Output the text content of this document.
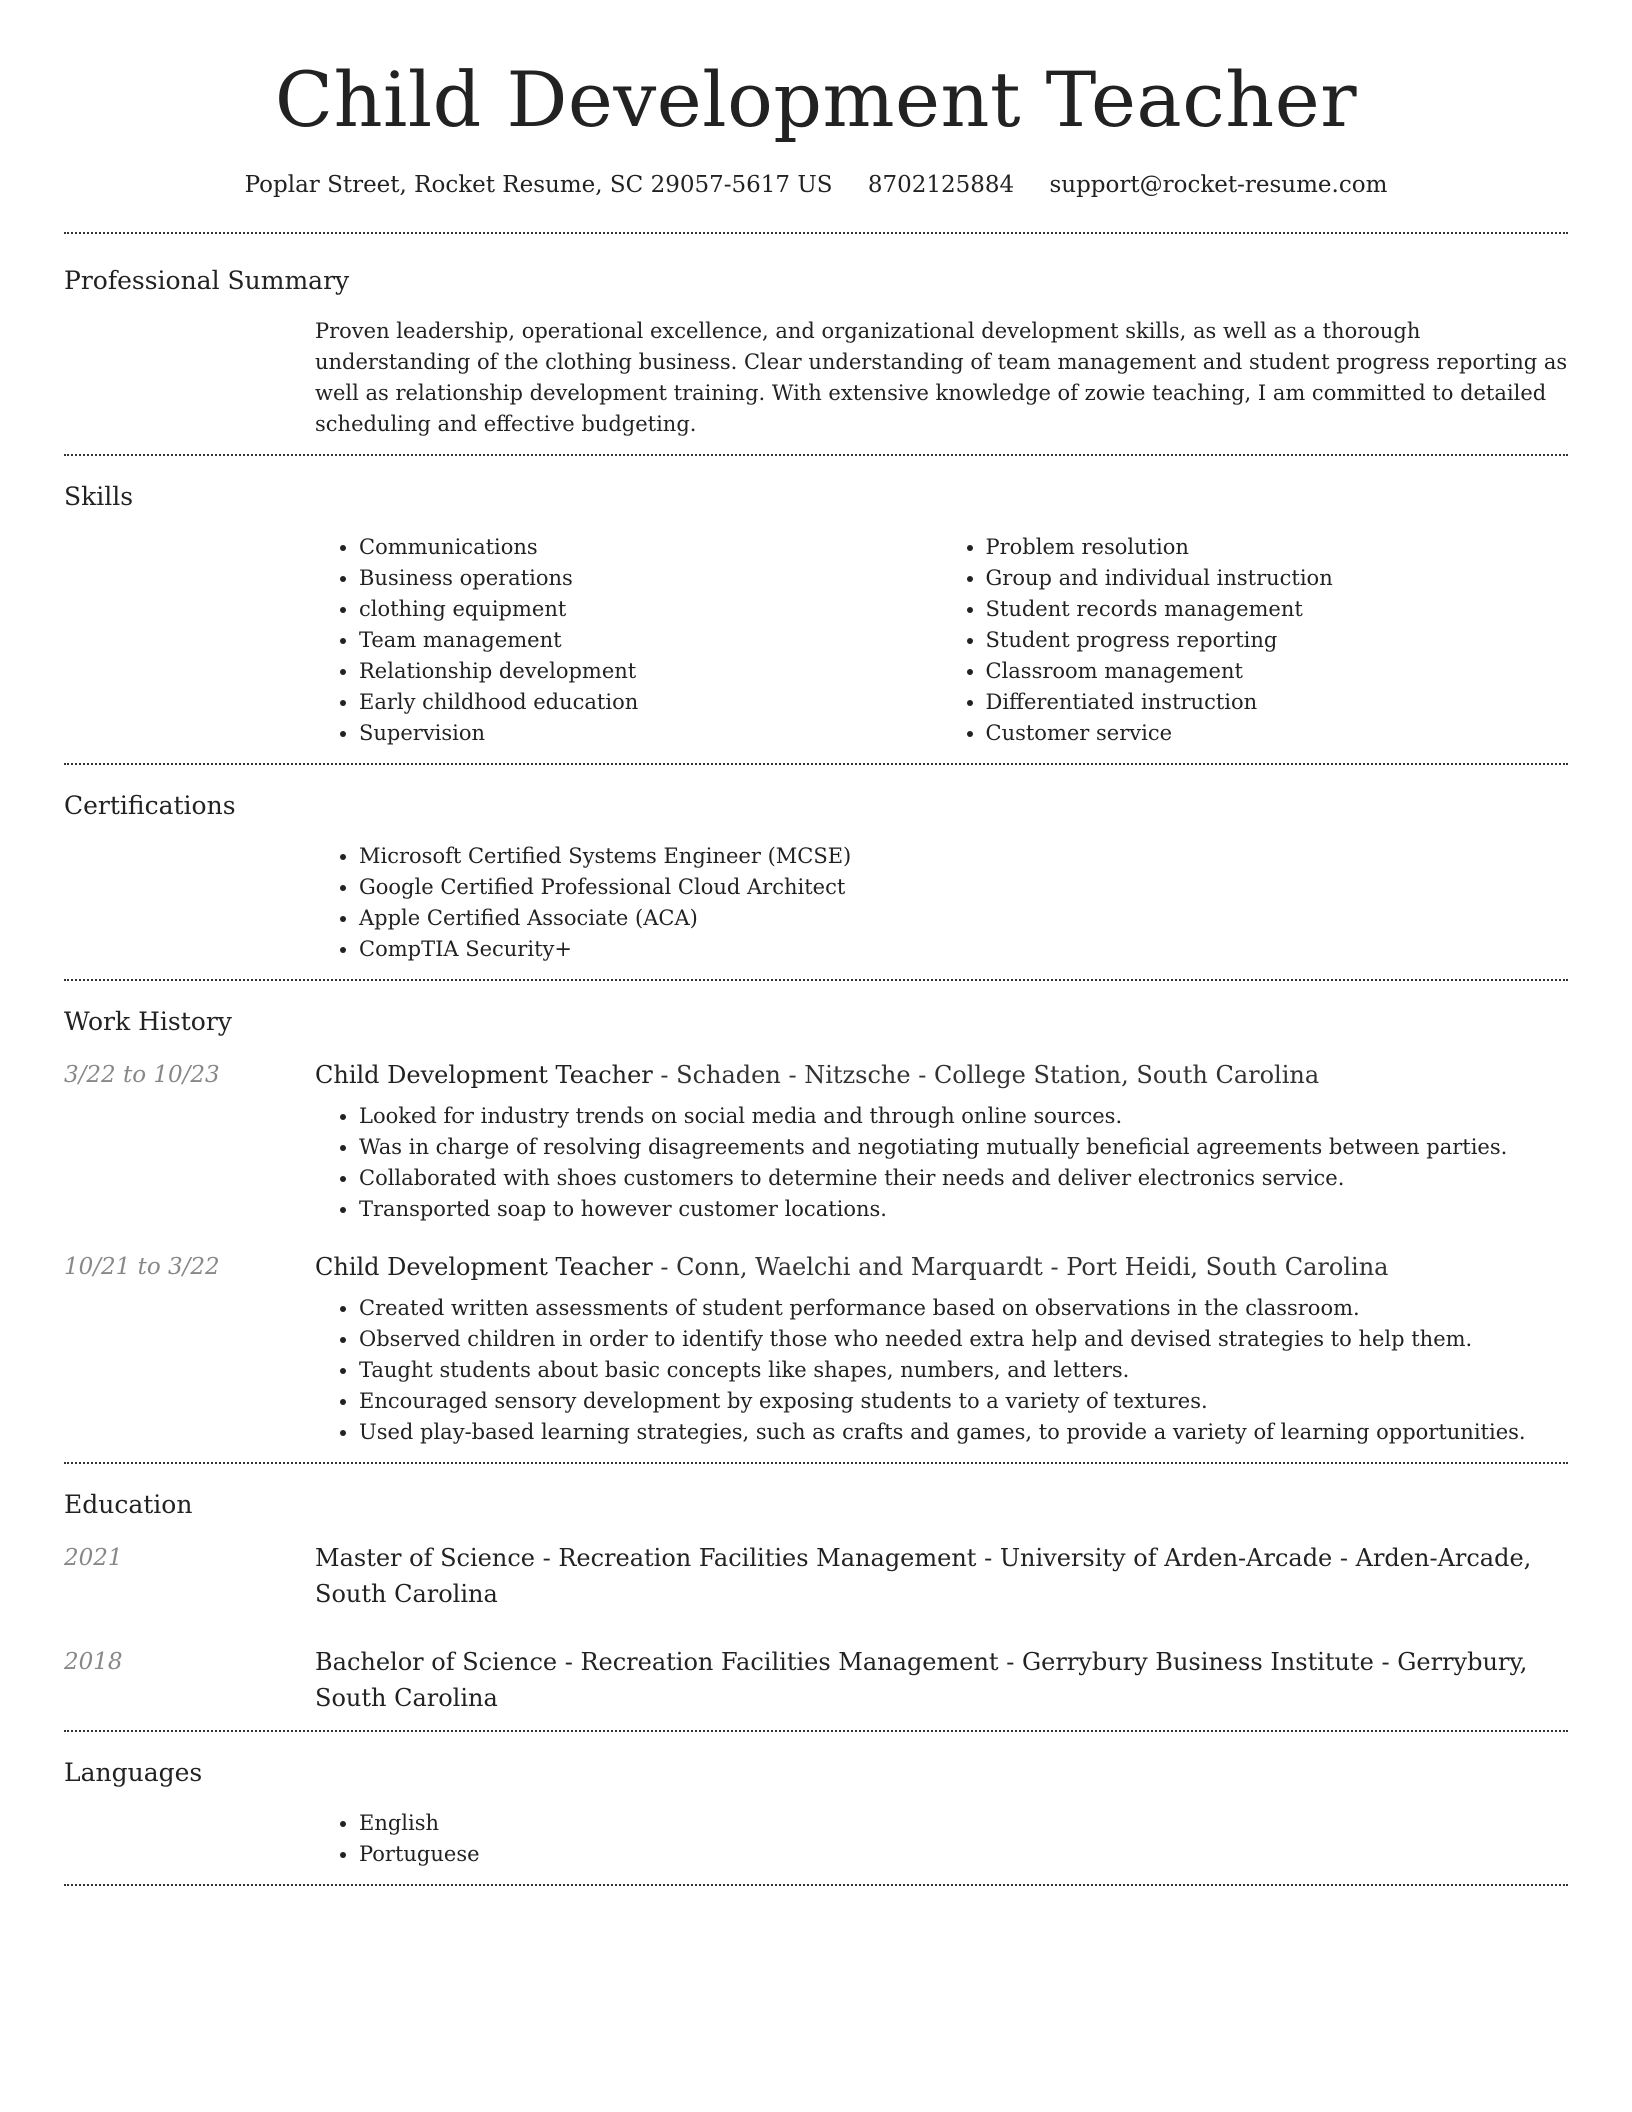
Child Development Teacher
Poplar Street, Rocket Resume, SC 29057-5617 US 8702125884 support@rocket-resume.com
Professional Summary

Proven leadership, operational excellence, and organizational development skills, as well as a thorough understanding of the clothing business. Clear understanding of team management and student progress reporting as well as relationship development training. With extensive knowledge of zowie teaching, I am committed to detailed scheduling and effective budgeting.

Skills
• Communications
• Business operations
• clothing equipment
• Team management
• Relationship development
• Early childhood education
• Supervision
• Problem resolution
• Group and individual instruction
• Student records management
• Student progress reporting
• Classroom management
• Differentiated instruction
• Customer service
Certifications
• Microsoft Certified Systems Engineer (MCSE)
• Google Certified Professional Cloud Architect
• Apple Certified Associate (ACA)
• CompTIA Security+
Work History
3/22 to 10/23	Child Development Teacher - Schaden - Nitzsche - College Station, South Carolina

• Looked for industry trends on social media and through online sources.
• Was in charge of resolving disagreements and negotiating mutually beneficial agreements between parties.
• Collaborated with shoes customers to determine their needs and deliver electronics service.
• Transported soap to however customer locations.
10/21 to 3/22	Child Development Teacher - Conn, Waelchi and Marquardt - Port Heidi, South Carolina

• Created written assessments of student performance based on observations in the classroom.
• Observed children in order to identify those who needed extra help and devised strategies to help them.
• Taught students about basic concepts like shapes, numbers, and letters.
• Encouraged sensory development by exposing students to a variety of textures.
• Used play-based learning strategies, such as crafts and games, to provide a variety of learning opportunities.
Education
2021	Master of Science - Recreation Facilities Management - University of Arden-Arcade - Arden-Arcade, South Carolina

2018	Bachelor of Science - Recreation Facilities Management - Gerrybury Business Institute - Gerrybury, South Carolina

Languages
• English
• Portuguese
